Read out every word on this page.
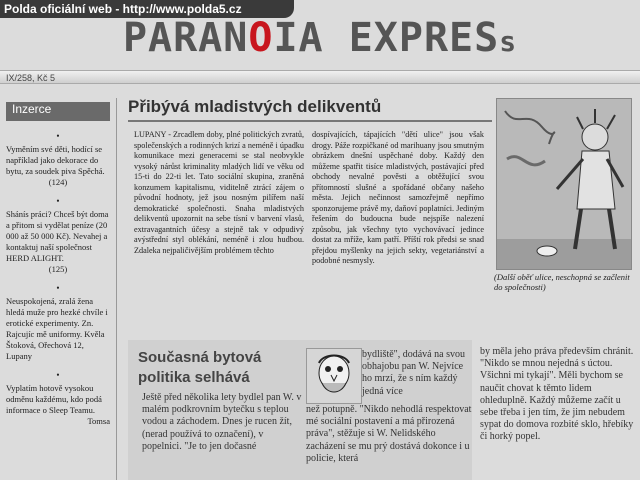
Polda oficiální web - http://www.polda5.cz
PARANOIA EXPRESs
IX/258, Kč 5
Inzerce
•
Vyměním své děti, hodící se například jako dekorace do bytu, za soudek piva Spěchá.
(124)
•
Shánís práci? Chceš být doma a přitom si vydělat peníze (20 000 až 50 000 Kč). Nevahej a kontaktuj naší společnost HERD ALIGHT.
(125)
•
Neuspokojená, zralá žena hledá muže pro hezké chvíle i erotické experimenty. Zn. Rajcujíc mě uniformy. Kvěla Štoková, Ořechová 12, Lupany
•
Vyplatím hotově vysokou odměnu každému, kdo podá informace o Sleep Teamu.
Tomsa
Přibývá mladistvých delikventů
LUPANY - Zrcadlem doby, plné politických zvratů, společenských a rodinných krizí a neméně i úpadku komunikace mezi generacemi se stal neobvykle vysoký nárůst kriminality mladých lidí ve věku od 15-ti do 22-ti let. Tato sociální skupina, zraněná konzumem kapitalismu, viditelně ztrácí zájem o původní hodnoty, jež jsou nosným pilířem naší demokratické společnosti. Snaha mladistvých delikventů upozornit na sebe tísní v barvení vlasů, extravagantních účesy a stejně tak v odpudivý avýstřední styl oblékání, neméně i zlou hudbou. Zdaleka nejpaličivějším problémem těchto
dospívajících, tápajících "dětí ulice" jsou však drogy. Páže rozpičkané od marihuany jsou smutným obrázkem dnešní uspěchané doby. Každý den můžeme spatřit tisíce mladistvých, postávající před obchody nevalné pověsti a obtěžující svou přítomností slušné a spořádané občany našeho města. Jejich nečinnost samozřejmě nepřímo sponzorujeme právě my, daňoví poplatníci. Jediným řešením do budoucna bude nejspíše nalezení způsobu, jak všechny tyto vychovávací jedince dostat za mříže, kam patří. Příští rok předsi se snad přejdou myšlenky na jejich sekty, vegetariánství a podobné nesmysly.
(Další oběť ulice, neschopná se začlenit do společnosti)
Současná bytová politika selhává
Ještě před několika lety bydlel pan W. v malém podkrovním bytečku s teplou vodou a záchodem. Dnes je rucen žít, (nerad používá to označení), v popelnici. "Je to jen dočasné
bydliště", dodává na svou obhajobu pan W. Nejvíce ho mrzí, že s ním každý jedná více
než potupně. "Nikdo nehodlá respektovat mé sociální postavení a má přirozená práva", stěžuje si W. Nelidského zacházení se mu prý dostává dokonce i u policie, která
by měla jeho práva především chránit. "Nikdo se mnou nejedná s úctou. Všichni mi tykají". Měli bychom se naučit chovat k těmto lidem ohleduplně. Každý můžeme začít u sebe třeba i jen tím, že jim nebudem sypat do domova rozbité sklo, hřebíky či horký popel.
